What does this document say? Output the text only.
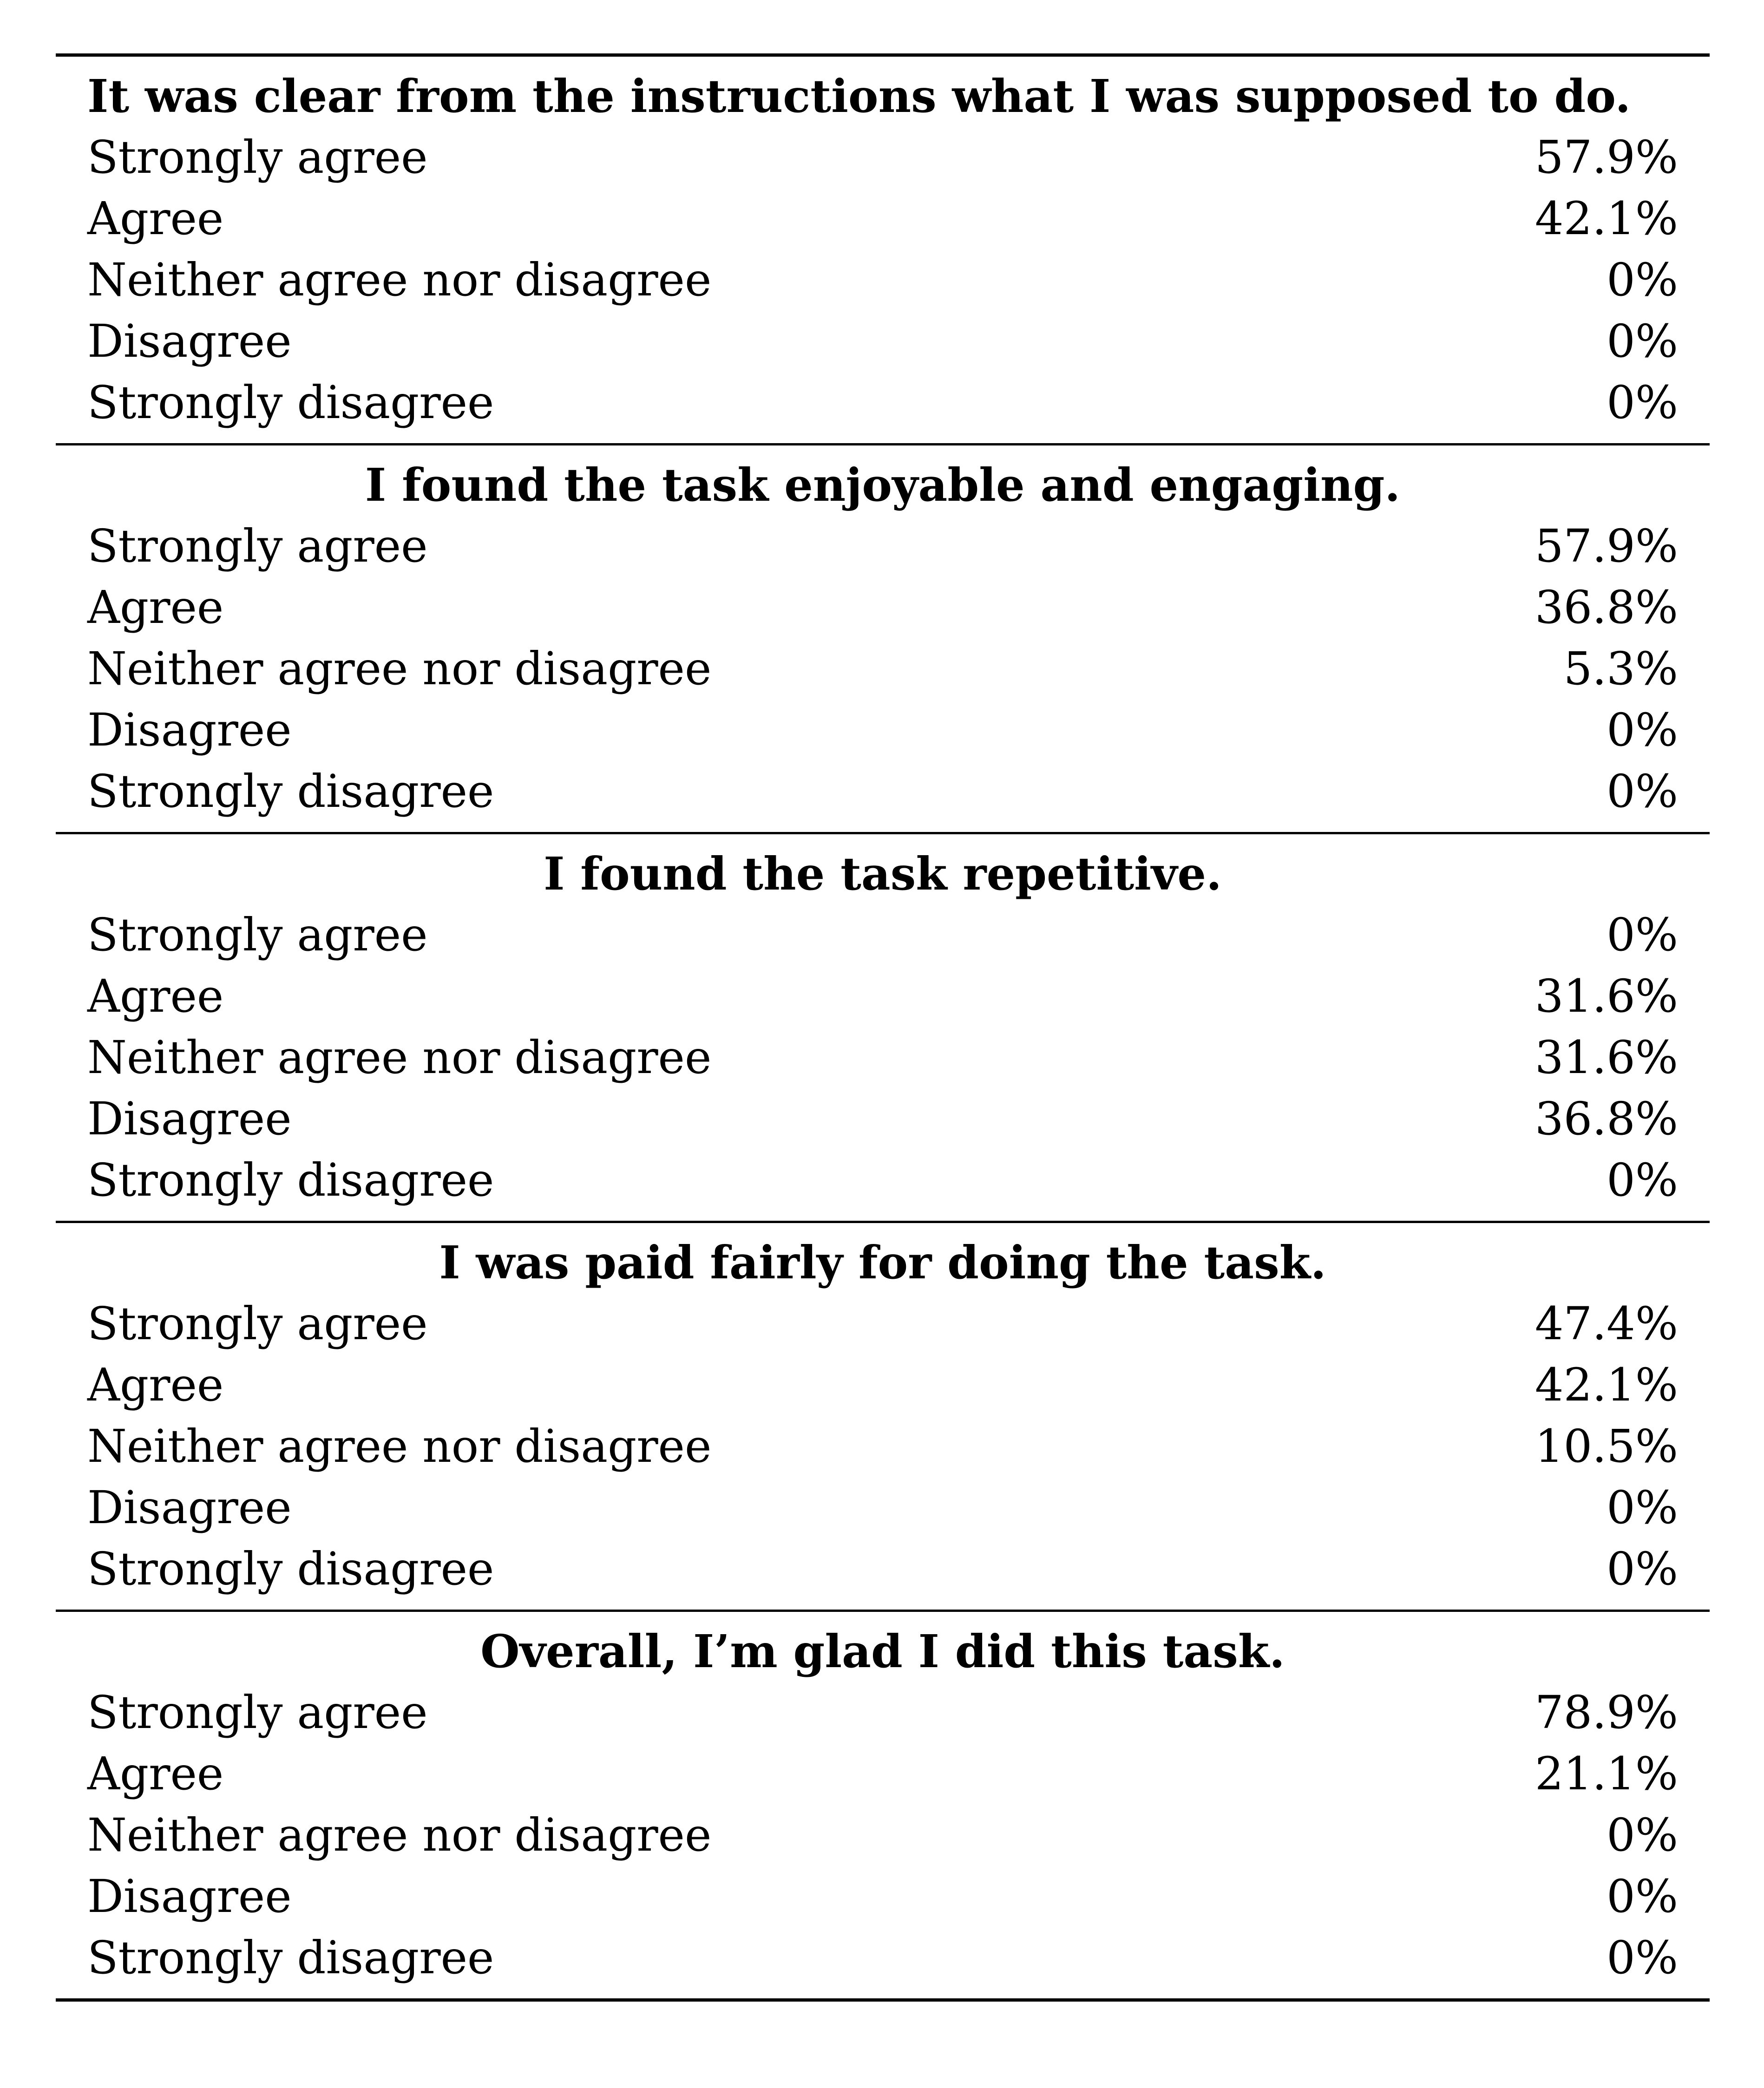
It was clear from the instructions what I was supposed to do.
Strongly agree	57.9%
Agree	42.1%
Neither agree nor disagree	0%
Disagree	0%
Strongly disagree	0%
I found the task enjoyable and engaging.
Strongly agree	57.9%
Agree	36.8%
Neither agree nor disagree	5.3%
Disagree	0%
Strongly disagree	0%
I found the task repetitive.
Strongly agree	0%
Agree	31.6%
Neither agree nor disagree	31.6%
Disagree	36.8%
Strongly disagree	0%
I was paid fairly for doing the task.
Strongly agree	47.4%
Agree	42.1%
Neither agree nor disagree	10.5%
Disagree	0%
Strongly disagree	0%
Overall, I’m glad I did this task.
Strongly agree	78.9%
Agree	21.1%
Neither agree nor disagree	0%
Disagree	0%
Strongly disagree	0%
